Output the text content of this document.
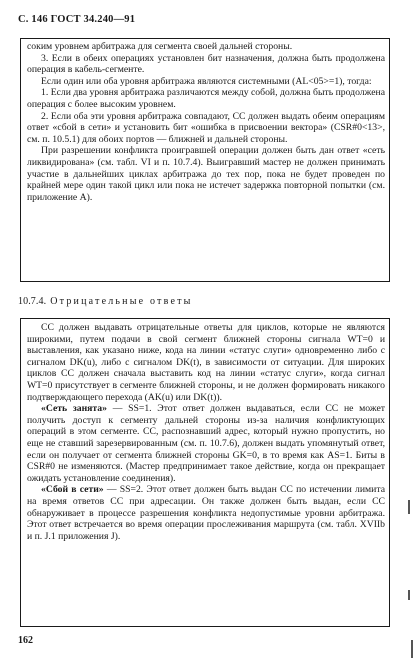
С. 146 ГОСТ 34.240—91

соким уровнем арбитража для сегмента своей дальней стороны.

3. Если в обеих операциях установлен бит назначения, должна быть продолжена операция в кабель-сегменте.

Если один или оба уровня арбитража являются системными (AL<05>=1), тогда:

1. Если два уровня арбитража различаются между собой, должна быть продолжена операция с более высоким уровнем.

2. Если оба эти уровня арбитража совпадают, СС должен выдать обеим операциям ответ «сбой в сети» и установить бит «ошибка в присвоении вектора» (CSR#0<13>, см. п. 10.5.1) для обоих портов — ближней и дальней стороны.

При разрешении конфликта проигравшей операции должен быть дан ответ «сеть ликвидирована» (см. табл. VI и п. 10.7.4). Выигравший мастер не должен принимать участие в дальнейших циклах арбитража до тех пор, пока не будет проведен по крайней мере один такой цикл или пока не истечет задержка повторной попытки (см. приложение А).

10.7.4. Отрицательные ответы

СС должен выдавать отрицательные ответы для циклов, которые не являются широкими, путем подачи в свой сегмент ближней стороны сигнала WT=0 и выставления, как указано ниже, кода на линии «статус слуги» одновременно либо с сигналом DK(u), либо с сигналом DK(t), в зависимости от ситуации. Для широких циклов СС должен сначала выставить код на линии «статус слуги», когда сигнал WT=0 присутствует в сегменте ближней стороны, и не должен формировать никакого подтверждающего перехода (AK(u) или DK(t)).

«Сеть занята» — SS=1. Этот ответ должен выдаваться, если СС не может получить доступ к сегменту дальней стороны из-за наличия конфликтующих операций в этом сегменте. СС, распознавший адрес, который нужно пропустить, но еще не ставший зарезервированным (см. п. 10.7.6), должен выдать упомянутый ответ, если он получает от сегмента ближней стороны GK=0, в то время как AS=1. Биты в CSR#0 не изменяются. (Мастер предпринимает такое действие, когда он прекращает ожидать установление соединения).

«Сбой в сети» — SS=2. Этот ответ должен быть выдан СС по истечении лимита на время ответов СС при адресации. Он также должен быть выдан, если СС обнаруживает в процессе разрешения конфликта недопустимые уровни арбитража. Этот ответ встречается во время операции прослеживания маршрута (см. табл. XVIIb и п. J.1 приложения J).

162
